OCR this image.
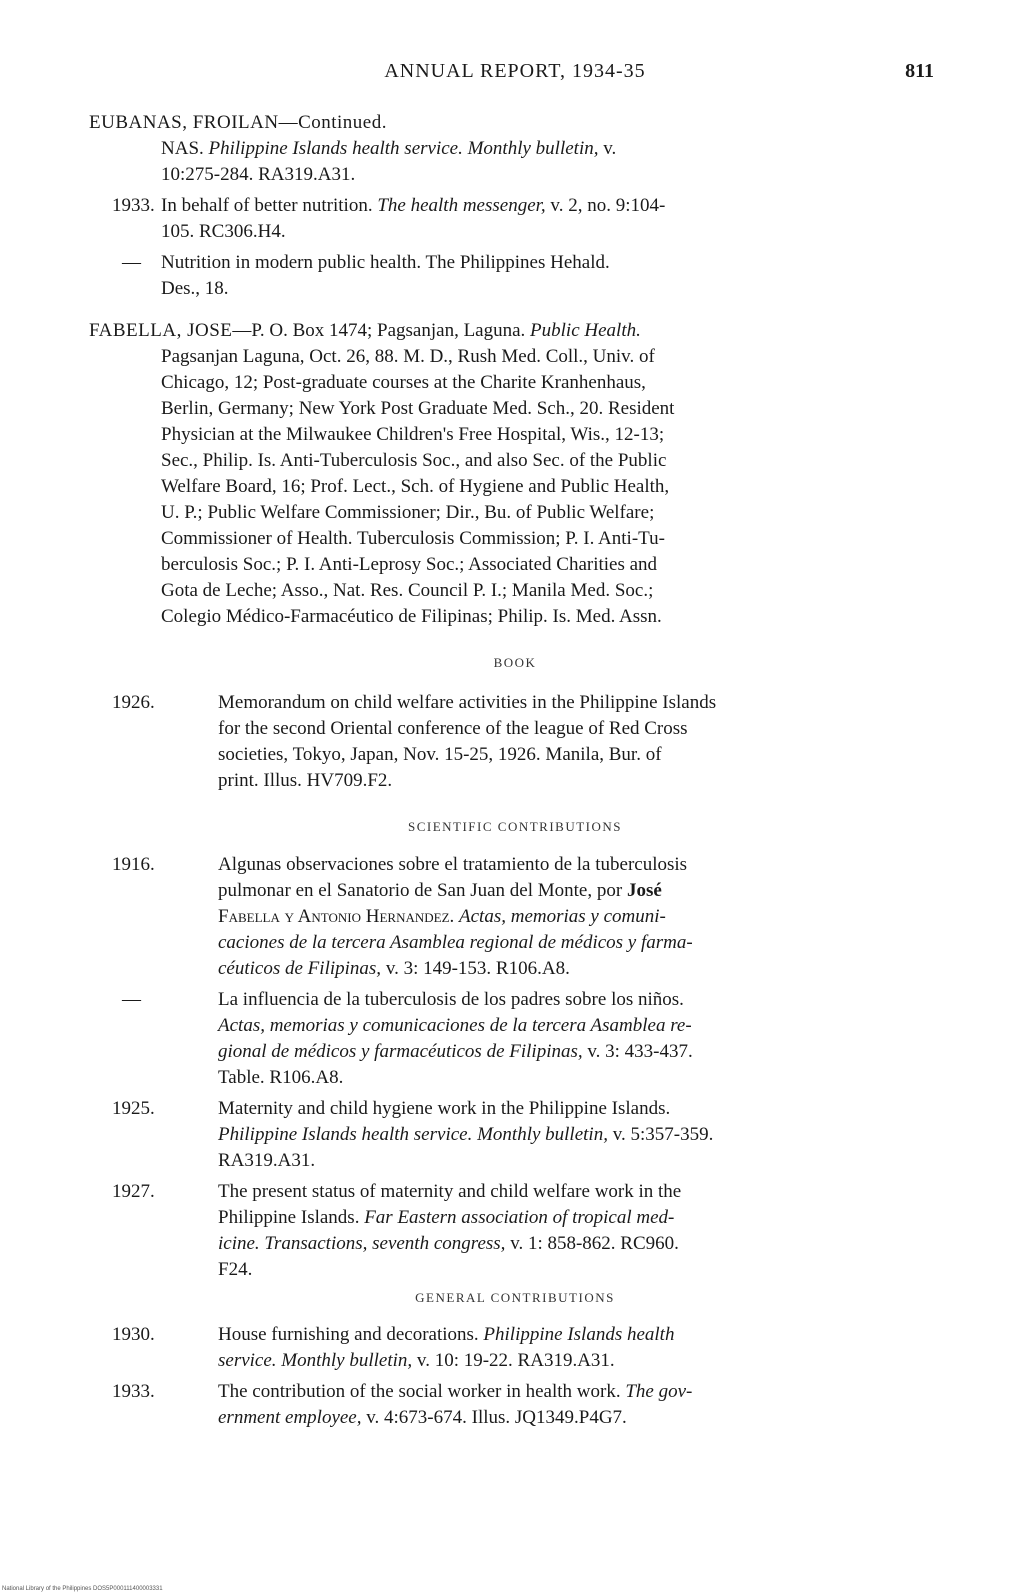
ANNUAL REPORT, 1934-35	811
EUBANAS, FROILAN—Continued.
NAS. Philippine Islands health service. Monthly bulletin, v.
10:275-284. RA319.A31.
1933. In behalf of better nutrition. The health messenger, v. 2, no. 9:104-
105. RC306.H4.
— Nutrition in modern public health. The Philippines Hehald.
Des., 18.
FABELLA, JOSE—P. O. Box 1474; Pagsanjan, Laguna. Public Health.
Pagsanjan Laguna, Oct. 26, 88. M. D., Rush Med. Coll., Univ. of
Chicago, 12; Post-graduate courses at the Charite Kranhenhaus,
Berlin, Germany; New York Post Graduate Med. Sch., 20. Resident
Physician at the Milwaukee Children's Free Hospital, Wis., 12-13;
Sec., Philip. Is. Anti-Tuberculosis Soc., and also Sec. of the Public
Welfare Board, 16; Prof. Lect., Sch. of Hygiene and Public Health,
U. P.; Public Welfare Commissioner; Dir., Bu. of Public Welfare;
Commissioner of Health. Tuberculosis Commission; P. I. Anti-Tu-
berculosis Soc.; P. I. Anti-Leprosy Soc.; Associated Charities and
Gota de Leche; Asso., Nat. Res. Council P. I.; Manila Med. Soc.;
Colegio Médico-Farmacéutico de Filipinas; Philip. Is. Med. Assn.
BOOK
1926.	Memorandum on child welfare activities in the Philippine Islands
for the second Oriental conference of the league of Red Cross
societies, Tokyo, Japan, Nov. 15-25, 1926. Manila, Bur. of
print. Illus. HV709.F2.
SCIENTIFIC CONTRIBUTIONS
1916.	Algunas observaciones sobre el tratamiento de la tuberculosis
pulmonar en el Sanatorio de San Juan del Monte, por José
Fabella y Antonio Hernandez. Actas, memorias y comuni-
caciones de la tercera Asamblea regional de médicos y farma-
céuticos de Filipinas, v. 3: 149-153. R106.A8.
—	La influencia de la tuberculosis de los padres sobre los niños.
Actas, memorias y comunicaciones de la tercera Asamblea re-
gional de médicos y farmacéuticos de Filipinas, v. 3: 433-437.
Table. R106.A8.
1925.	Maternity and child hygiene work in the Philippine Islands.
Philippine Islands health service. Monthly bulletin, v. 5:357-359.
RA319.A31.
1927.	The present status of maternity and child welfare work in the
Philippine Islands. Far Eastern association of tropical med-
icine. Transactions, seventh congress, v. 1: 858-862. RC960.
F24.
GENERAL CONTRIBUTIONS
1930.	House furnishing and decorations. Philippine Islands health
service. Monthly bulletin, v. 10: 19-22. RA319.A31.
1933.	The contribution of the social worker in health work. The gov-
ernment employee, v. 4:673-674. Illus. JQ1349.P4G7.
National Library of the Philippines DOS5P000111400003331
